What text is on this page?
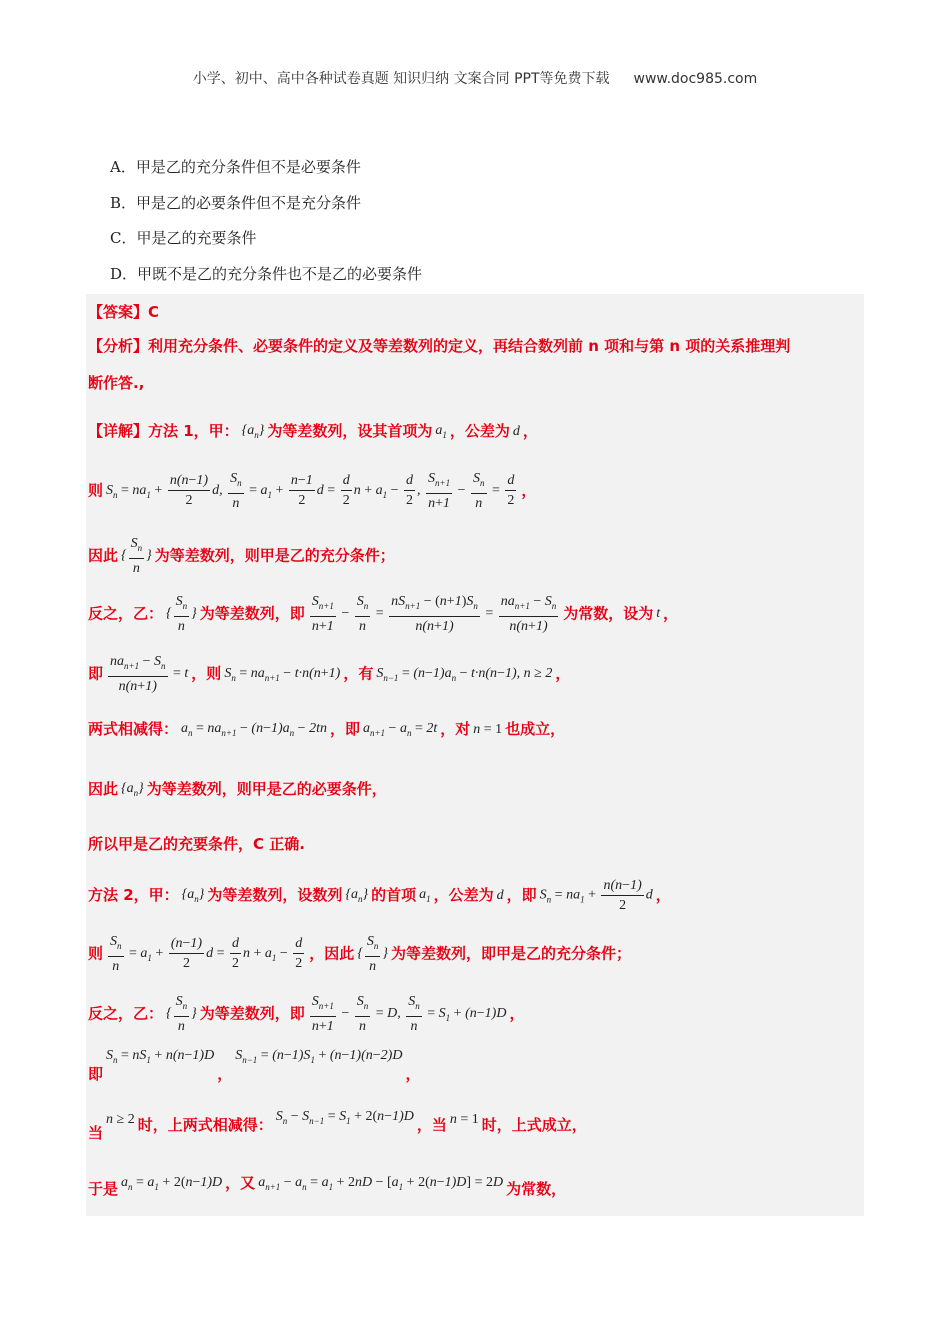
小学、初中、高中各种试卷真题 知识归纳 文案合同 PPT等免费下载 www.doc985.com
A．甲是乙的充分条件但不是必要条件
B．甲是乙的必要条件但不是充分条件
C．甲是乙的充要条件
D．甲既不是乙的充分条件也不是乙的必要条件
【答案】C
【分析】利用充分条件、必要条件的定义及等差数列的定义，再结合数列前 n 项和与第 n 项的关系推理判
断作答.,
【详解】方法 1，甲： $\{a_n\}$ 为等差数列，设其首项为 $a_1$ ，公差为 d ，
则 $S_n = na_1 + \frac{n(n-1)}{2} d$, $\frac{S_n}{n} = a_1 + \frac{n-1}{2}$ $d = \frac{d}{2}$ $n + a_1 - \frac{d}{2}$ , $\frac{S_{n+1}}{n+1} - \frac{S_n}{n} = \frac{d}{2}$ ，
因此 { $\frac{S_n}{n}$ } 为等差数列，则甲是乙的充分条件；
反之，乙： { $\frac{S_n}{n}$ } 为等差数列，即 $\frac{S_{n+1}}{n+1} - \frac{S_n}{n}$ =
$nS_{n+1} - (n+1)S_n$
n(n+1)
=
$na_{n+1} - S_n$
n(n+1)
为常数，设为 t ，
即
$na_{n+1} - S_n$
n(n+1)
= t ，则 $S_n = na_{n+1} - t\cdot n(n+1)$ ，有 $S_{n-1} = (n-1)a_n - t\cdot n(n-1)$, n ≥ 2 ，
两式相减得： $a_n = na_{n+1} - (n-1)a_n - 2tn$ ，即 $a_{n+1} - a_n = 2t$ ，对 n = 1 也成立，
因此 $\{a_n\}$ 为等差数列，则甲是乙的必要条件，
所以甲是乙的充要条件，C 正确.
方法 2，甲： $\{a_n\}$ 为等差数列，设数列 $\{a_n\}$ 的首项 $a_1$ ，公差为 d ，即 $S_n = na_1 + \frac{n(n-1)}{2}$ d ，
则 $\frac{S_n}{n} = a_1 + \frac{(n-1)}{2}$ $d = \frac{d}{2}$ $n + a_1 - \frac{d}{2}$ ，因此 { $\frac{S_n}{n}$ } 为等差数列，即甲是乙的充分条件；
反之，乙： { $\frac{S_n}{n}$ } 为等差数列，即 $\frac{S_{n+1}}{n+1} - \frac{S_n}{n} = D$, $\frac{S_n}{n} = S_1 + (n-1)D$ ，
即$S_n = nS_1 + n(n-1)D$，$S_{n-1} = (n-1)S_1 + (n-1)(n-2)D$，
当n ≥ 2 时，上两式相减得： $S_n - S_{n-1} = S_1 + 2(n-1)D$ ，当 n = 1 时，上式成立，
于是 $a_n = a_1 + 2(n-1)D$ ，又 $a_{n+1} - a_n = a_1 + 2nD - [a_1 + 2(n-1)D] = 2D$ 为常数，
